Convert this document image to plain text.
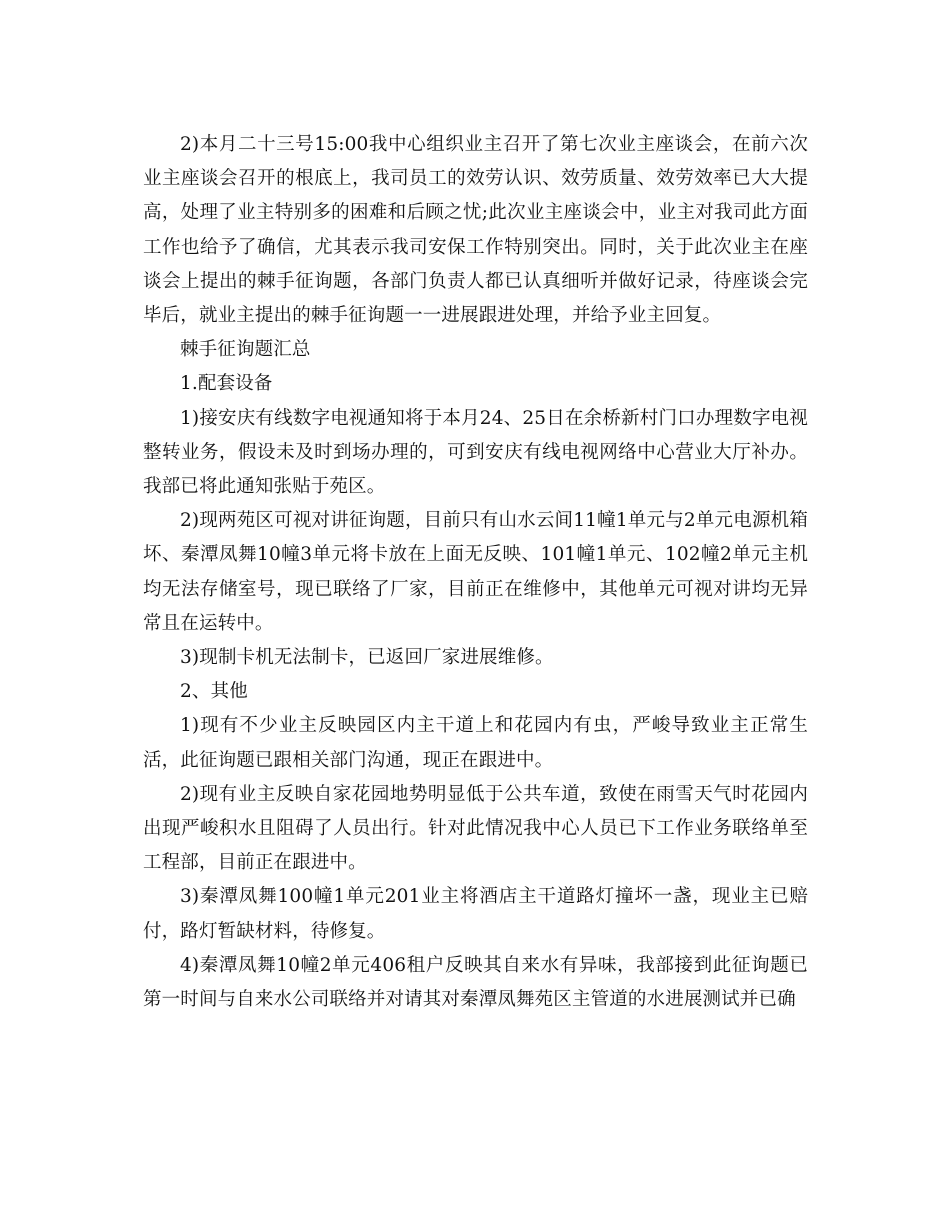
2)本月二十三号15:00我中心组织业主召开了第七次业主座谈会，在前六次业主座谈会召开的根底上，我司员工的效劳认识、效劳质量、效劳效率已大大提高，处理了业主特别多的困难和后顾之忧;此次业主座谈会中，业主对我司此方面工作也给予了确信，尤其表示我司安保工作特别突出。同时，关于此次业主在座谈会上提出的棘手征询题，各部门负责人都已认真细听并做好记录，待座谈会完毕后，就业主提出的棘手征询题一一进展跟进处理，并给予业主回复。

棘手征询题汇总

1.配套设备

1)接安庆有线数字电视通知将于本月24、25日在余桥新村门口办理数字电视整转业务，假设未及时到场办理的，可到安庆有线电视网络中心营业大厅补办。我部已将此通知张贴于苑区。

2)现两苑区可视对讲征询题，目前只有山水云间11幢1单元与2单元电源机箱坏、秦潭凤舞10幢3单元将卡放在上面无反映、101幢1单元、102幢2单元主机均无法存储室号，现已联络了厂家，目前正在维修中，其他单元可视对讲均无异常且在运转中。

3)现制卡机无法制卡，已返回厂家进展维修。

2、其他

1)现有不少业主反映园区内主干道上和花园内有虫，严峻导致业主正常生活，此征询题已跟相关部门沟通，现正在跟进中。

2)现有业主反映自家花园地势明显低于公共车道，致使在雨雪天气时花园内出现严峻积水且阻碍了人员出行。针对此情况我中心人员已下工作业务联络单至工程部，目前正在跟进中。

3)秦潭凤舞100幢1单元201业主将酒店主干道路灯撞坏一盏，现业主已赔付，路灯暂缺材料，待修复。

4)秦潭凤舞10幢2单元406租户反映其自来水有异味，我部接到此征询题已第一时间与自来水公司联络并对请其对秦潭凤舞苑区主管道的水进展测试并已确
